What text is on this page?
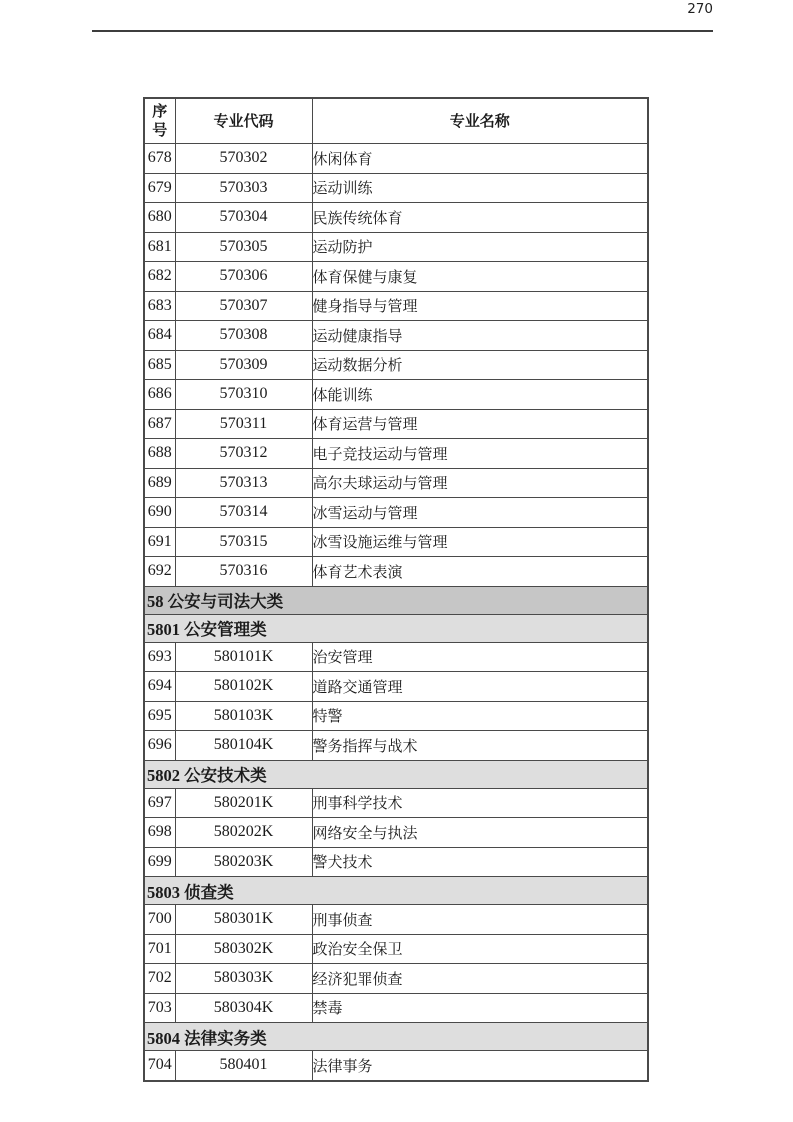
270
序号	专业代码	专业名称
678	570302	休闲体育
679	570303	运动训练
680	570304	民族传统体育
681	570305	运动防护
682	570306	体育保健与康复
683	570307	健身指导与管理
684	570308	运动健康指导
685	570309	运动数据分析
686	570310	体能训练
687	570311	体育运营与管理
688	570312	电子竞技运动与管理
689	570313	高尔夫球运动与管理
690	570314	冰雪运动与管理
691	570315	冰雪设施运维与管理
692	570316	体育艺术表演
58 公安与司法大类		
5801 公安管理类		
693	580101K	治安管理
694	580102K	道路交通管理
695	580103K	特警
696	580104K	警务指挥与战术
5802 公安技术类		
697	580201K	刑事科学技术
698	580202K	网络安全与执法
699	580203K	警犬技术
5803 侦查类		
700	580301K	刑事侦查
701	580302K	政治安全保卫
702	580303K	经济犯罪侦查
703	580304K	禁毒
5804 法律实务类		
704	580401	法律事务
